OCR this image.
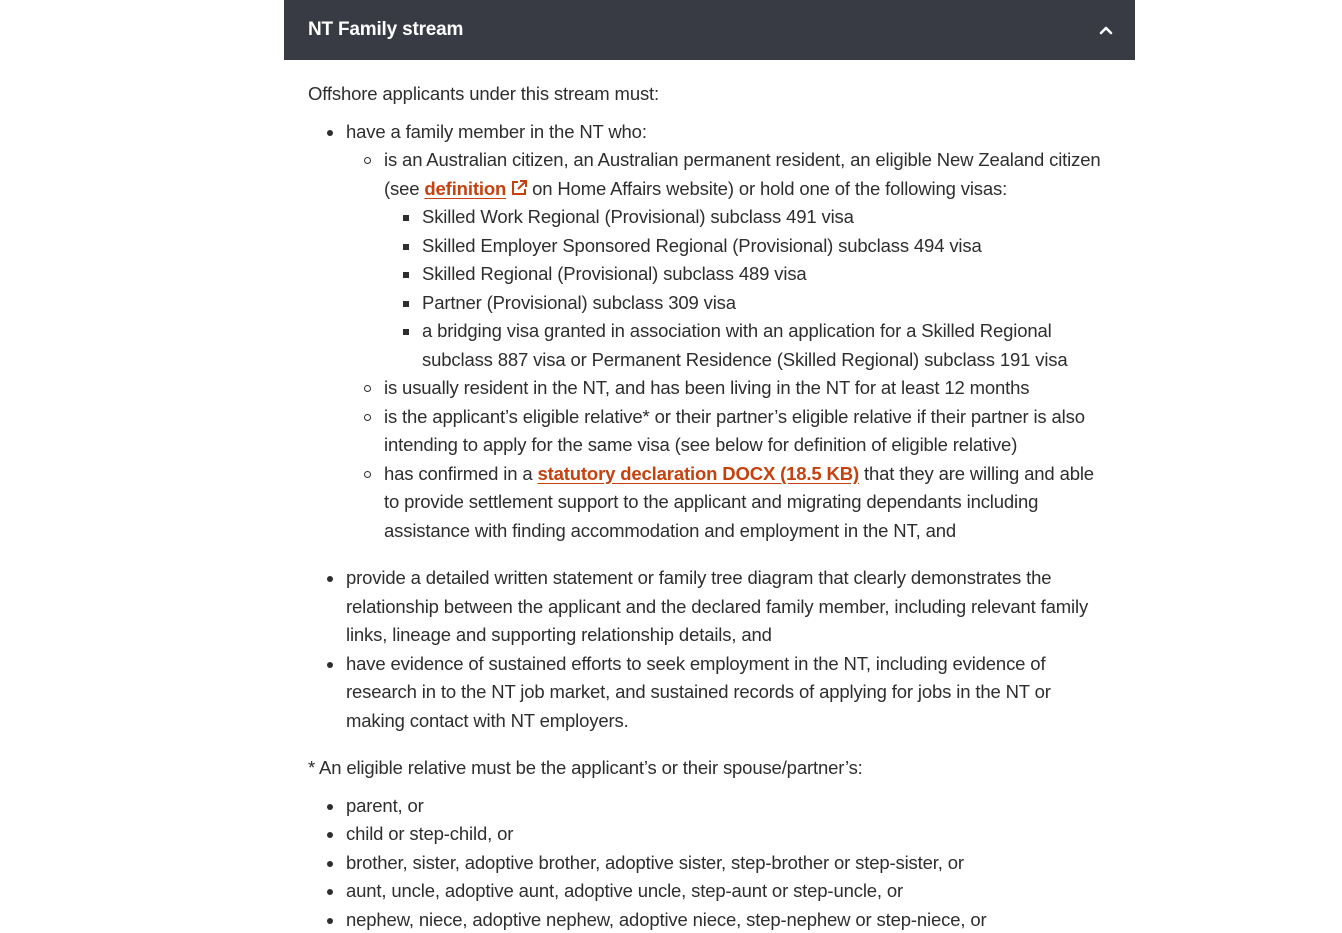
NT Family stream

Offshore applicants under this stream must:

have a family member in the NT who:
is an Australian citizen, an Australian permanent resident, an eligible New Zealand citizen (see definition on Home Affairs website) or hold one of the following visas:
Skilled Work Regional (Provisional) subclass 491 visa
Skilled Employer Sponsored Regional (Provisional) subclass 494 visa
Skilled Regional (Provisional) subclass 489 visa
Partner (Provisional) subclass 309 visa
a bridging visa granted in association with an application for a Skilled Regional subclass 887 visa or Permanent Residence (Skilled Regional) subclass 191 visa
is usually resident in the NT, and has been living in the NT for at least 12 months
is the applicant’s eligible relative* or their partner’s eligible relative if their partner is also intending to apply for the same visa (see below for definition of eligible relative)
has confirmed in a statutory declaration DOCX (18.5 KB) that they are willing and able to provide settlement support to the applicant and migrating dependants including assistance with finding accommodation and employment in the NT, and
provide a detailed written statement or family tree diagram that clearly demonstrates the relationship between the applicant and the declared family member, including relevant family links, lineage and supporting relationship details, and
have evidence of sustained efforts to seek employment in the NT, including evidence of research in to the NT job market, and sustained records of applying for jobs in the NT or making contact with NT employers.

* An eligible relative must be the applicant’s or their spouse/partner’s:

parent, or
child or step-child, or
brother, sister, adoptive brother, adoptive sister, step-brother or step-sister, or
aunt, uncle, adoptive aunt, adoptive uncle, step-aunt or step-uncle, or
nephew, niece, adoptive nephew, adoptive niece, step-nephew or step-niece, or
